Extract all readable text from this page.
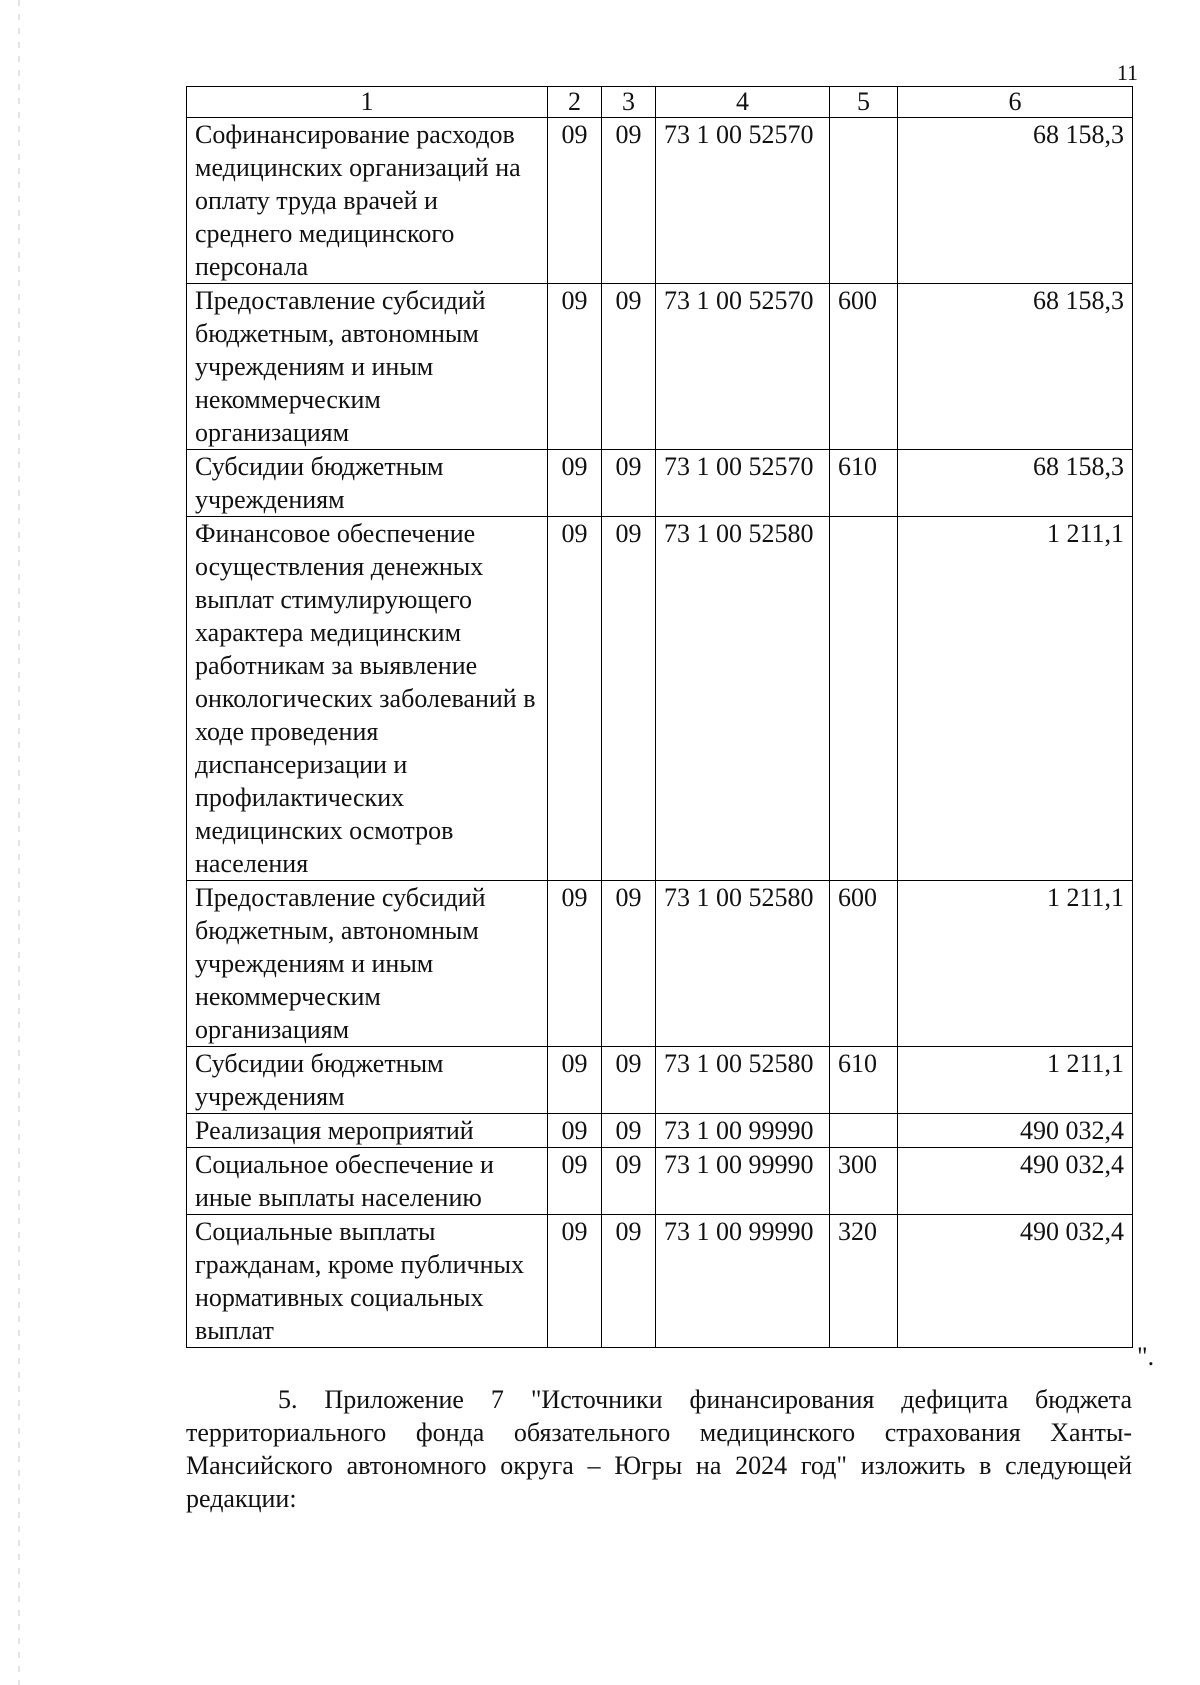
11
1	2	3	4	5	6
Софинансирование расходов медицинских организаций на оплату труда врачей и среднего медицинского персонала	09	09	73 1 00 52570		68 158,3
Предоставление субсидий бюджетным, автономным учреждениям и иным некоммерческим организациям	09	09	73 1 00 52570	600	68 158,3
Субсидии бюджетным учреждениям	09	09	73 1 00 52570	610	68 158,3
Финансовое обеспечение осуществления денежных выплат стимулирующего характера медицинским работникам за выявление онкологических заболеваний в ходе проведения диспансеризации и профилактических медицинских осмотров населения	09	09	73 1 00 52580		1 211,1
Предоставление субсидий бюджетным, автономным учреждениям и иным некоммерческим организациям	09	09	73 1 00 52580	600	1 211,1
Субсидии бюджетным учреждениям	09	09	73 1 00 52580	610	1 211,1
Реализация мероприятий	09	09	73 1 00 99990		490 032,4
Социальное обеспечение и иные выплаты населению	09	09	73 1 00 99990	300	490 032,4
Социальные выплаты гражданам, кроме публичных нормативных социальных выплат	09	09	73 1 00 99990	320	490 032,4
".

5. Приложение 7 "Источники финансирования дефицита бюджета территориального фонда обязательного медицинского страхования Ханты-Мансийского автономного округа – Югры на 2024 год" изложить в следующей редакции:
